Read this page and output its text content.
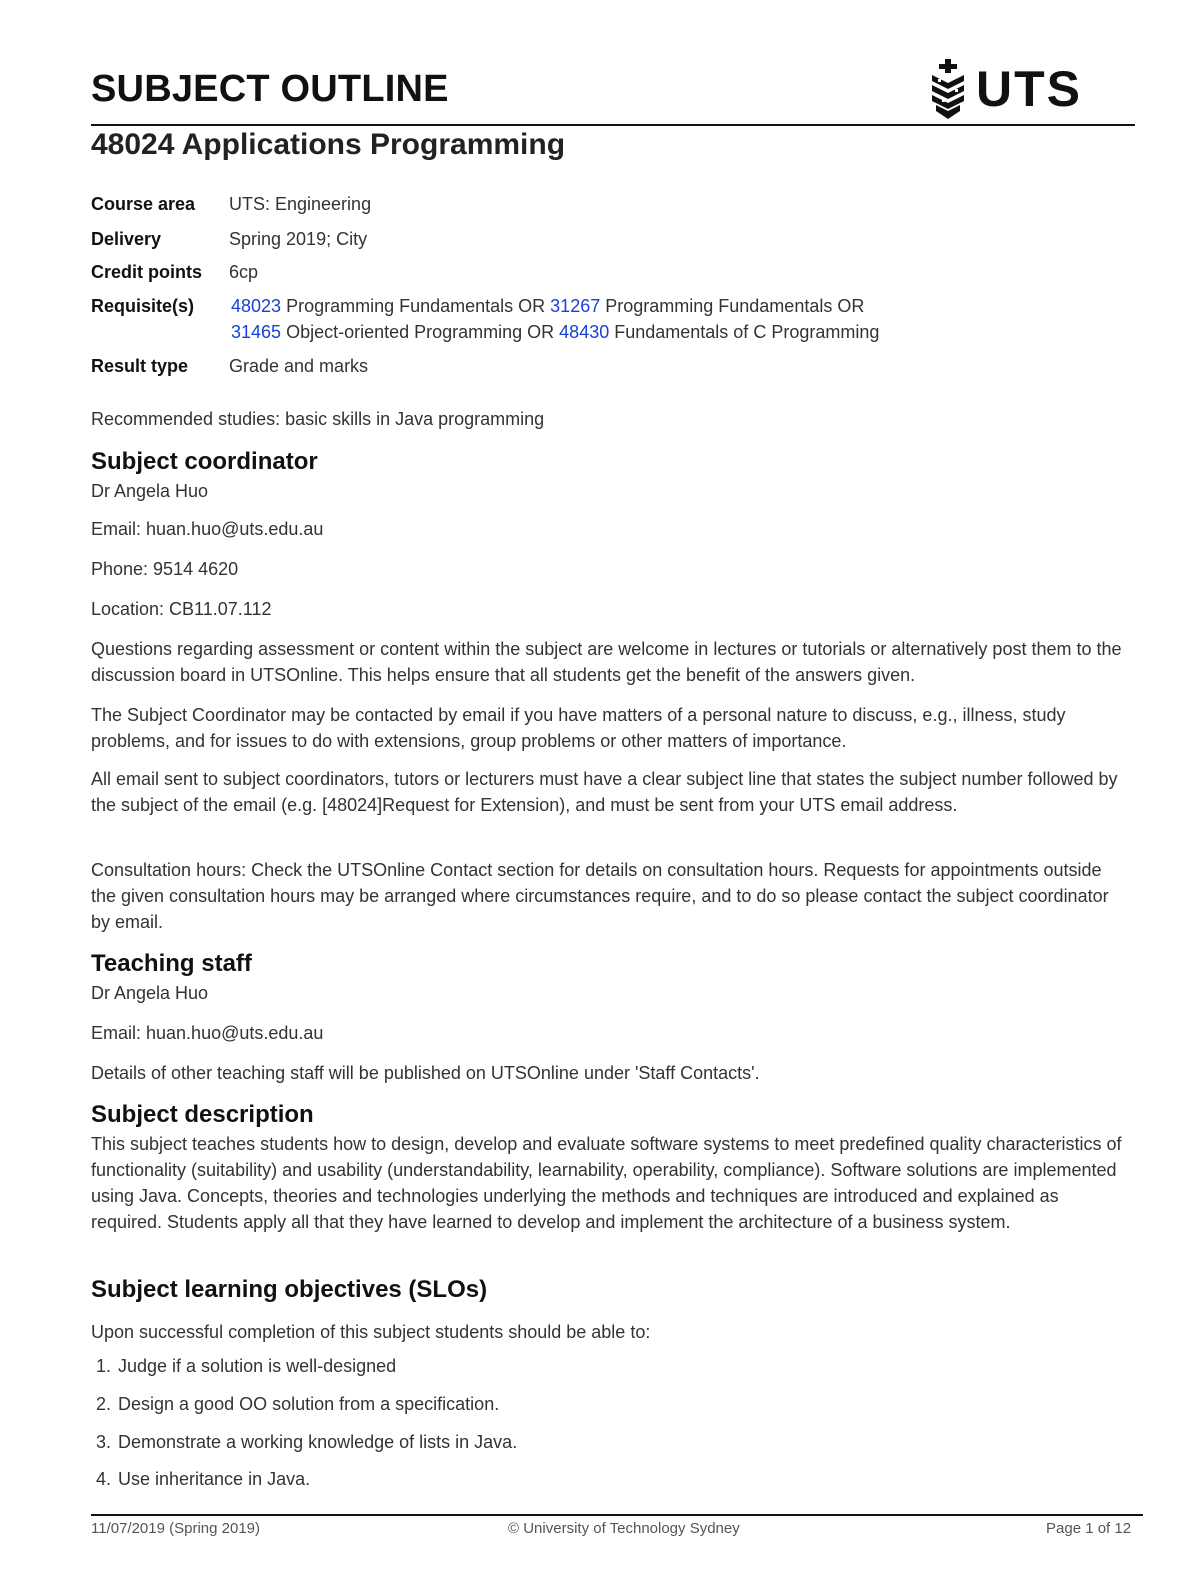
SUBJECT OUTLINE	UTS
48024 Applications Programming
Course area UTS: Engineering
Delivery	Spring 2019; City
Credit points 6cp
Requisite(s) 48023 Programming Fundamentals OR 31267 Programming Fundamentals OR
31465 Object-oriented Programming OR 48430 Fundamentals of C Programming
Result type Grade and marks
Recommended studies: basic skills in Java programming
Subject coordinator
Dr Angela Huo
Email: huan.huo@uts.edu.au
Phone: 9514 4620
Location: CB11.07.112
Questions regarding assessment or content within the subject are welcome in lectures or tutorials or alternatively post them to the discussion board in UTSOnline. This helps ensure that all students get the benefit of the answers given.
The Subject Coordinator may be contacted by email if you have matters of a personal nature to discuss, e.g., illness, study problems, and for issues to do with extensions, group problems or other matters of importance.
All email sent to subject coordinators, tutors or lecturers must have a clear subject line that states the subject number followed by the subject of the email (e.g. [48024]Request for Extension), and must be sent from your UTS email address.
Consultation hours: Check the UTSOnline Contact section for details on consultation hours. Requests for appointments outside the given consultation hours may be arranged where circumstances require, and to do so please contact the subject coordinator by email.
Teaching staff
Dr Angela Huo
Email: huan.huo@uts.edu.au
Details of other teaching staff will be published on UTSOnline under 'Staff Contacts'.
Subject description
This subject teaches students how to design, develop and evaluate software systems to meet predefined quality characteristics of functionality (suitability) and usability (understandability, learnability, operability, compliance). Software solutions are implemented using Java. Concepts, theories and technologies underlying the methods and techniques are introduced and explained as required. Students apply all that they have learned to develop and implement the architecture of a business system.
Subject learning objectives (SLOs)
Upon successful completion of this subject students should be able to:
1. Judge if a solution is well-designed
2. Design a good OO solution from a specification.
3. Demonstrate a working knowledge of lists in Java.
4. Use inheritance in Java.
11/07/2019 (Spring 2019)	© University of Technology Sydney	Page 1 of 12
